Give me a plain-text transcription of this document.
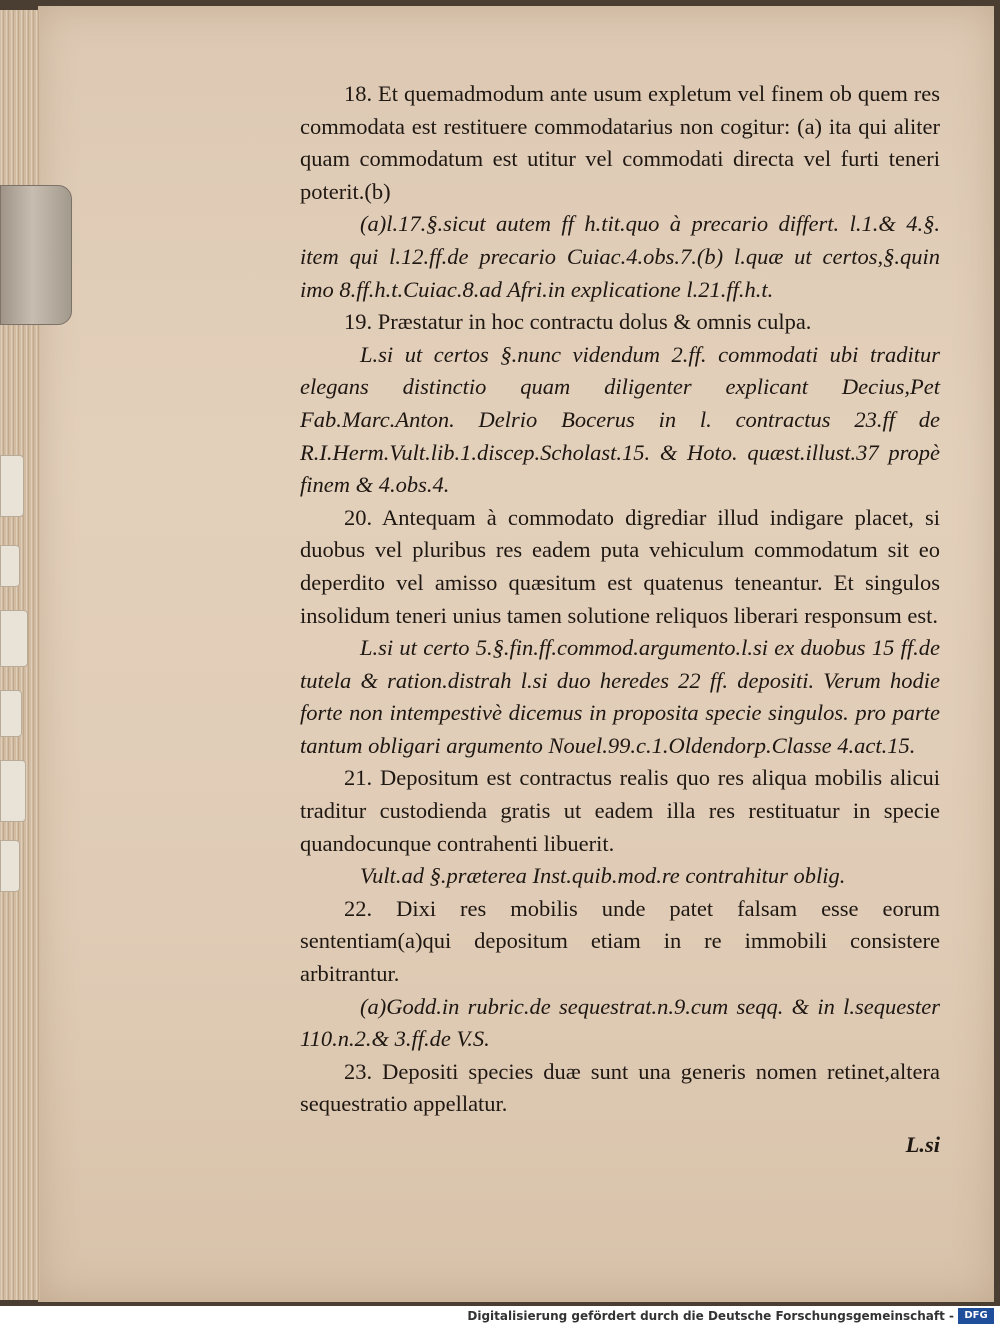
18. Et quemadmodum ante usum expletum vel finem ob quem res commodata est restituere commodatarius non cogitur: (a) ita qui aliter quam commodatum est utitur vel commodati directa vel furti teneri poterit.(b)

(a)l.17.§.sicut autem ff h.tit.quo à precario differt. l.1.& 4.§. item qui l.12.ff.de precario Cuiac.4.obs.7.(b) l.quæ ut certos,§.quin imo 8.ff.h.t.Cuiac.8.ad Afri.in explicatione l.21.ff.h.t.

19. Præstatur in hoc contractu dolus & omnis culpa.

L.si ut certos §.nunc videndum 2.ff. commodati ubi traditur elegans distinctio quam diligenter explicant Decius,Pet Fab.Marc.Anton. Delrio Bocerus in l. contractus 23.ff de R.I.Herm.Vult.lib.1.discep.Scholast.15. & Hoto. quæst.illust.37 propè finem & 4.obs.4.

20. Antequam à commodato digrediar illud indigare placet, si duobus vel pluribus res eadem puta vehiculum commodatum sit eo deperdito vel amisso quæsitum est quatenus teneantur. Et singulos insolidum teneri unius tamen solutione reliquos liberari responsum est.

L.si ut certo 5.§.fin.ff.commod.argumento.l.si ex duobus 15 ff.de tutela & ration.distrah l.si duo heredes 22 ff. depositi. Verum hodie forte non intempestivè dicemus in proposita specie singulos. pro parte tantum obligari argumento Nouel.99.c.1.Oldendorp.Classe 4.act.15.

21. Depositum est contractus realis quo res aliqua mobilis alicui traditur custodienda gratis ut eadem illa res restituatur in specie quandocunque contrahenti libuerit.

Vult.ad §.præterea Inst.quib.mod.re contrahitur oblig.

22. Dixi res mobilis unde patet falsam esse eorum sententiam(a)qui depositum etiam in re immobili consistere arbitrantur.

(a)Godd.in rubric.de sequestrat.n.9.cum seqq. & in l.sequester 110.n.2.& 3.ff.de V.S.

23. Depositi species duæ sunt una generis nomen retinet,altera sequestratio appellatur.

L.si

Digitalisierung gefördert durch die Deutsche Forschungsgemeinschaft -	DFG
